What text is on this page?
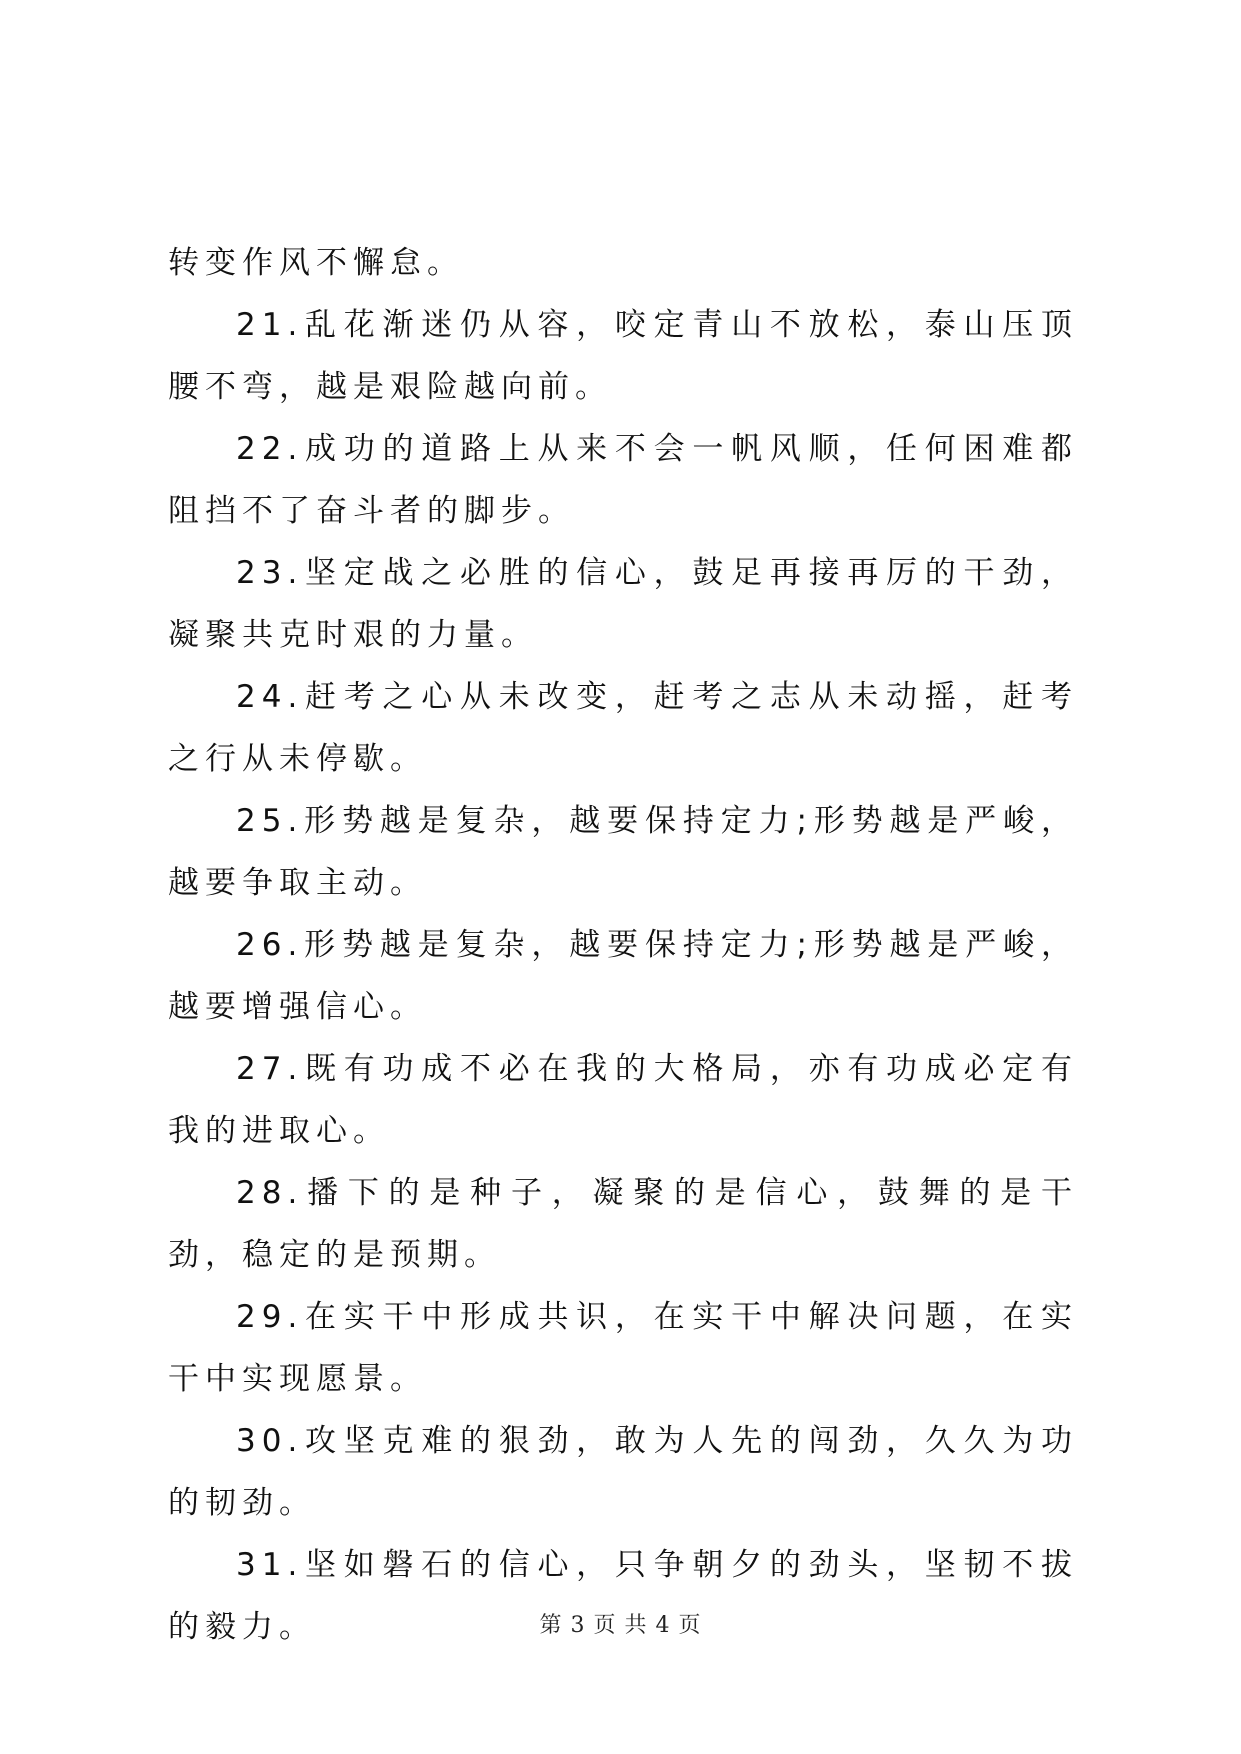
转变作风不懈怠。

21.乱花渐迷仍从容，咬定青山不放松，泰山压顶腰不弯，越是艰险越向前。

22.成功的道路上从来不会一帆风顺，任何困难都阻挡不了奋斗者的脚步。

23.坚定战之必胜的信心，鼓足再接再厉的干劲，凝聚共克时艰的力量。

24.赶考之心从未改变，赶考之志从未动摇，赶考之行从未停歇。

25.形势越是复杂，越要保持定力;形势越是严峻，越要争取主动。

26.形势越是复杂，越要保持定力;形势越是严峻，越要增强信心。

27.既有功成不必在我的大格局，亦有功成必定有我的进取心。

28.播下的是种子，凝聚的是信心，鼓舞的是干劲，稳定的是预期。

29.在实干中形成共识，在实干中解决问题，在实干中实现愿景。

30.攻坚克难的狠劲，敢为人先的闯劲，久久为功的韧劲。

31.坚如磐石的信心，只争朝夕的劲头，坚韧不拔的毅力。	第 3 页 共 4 页
